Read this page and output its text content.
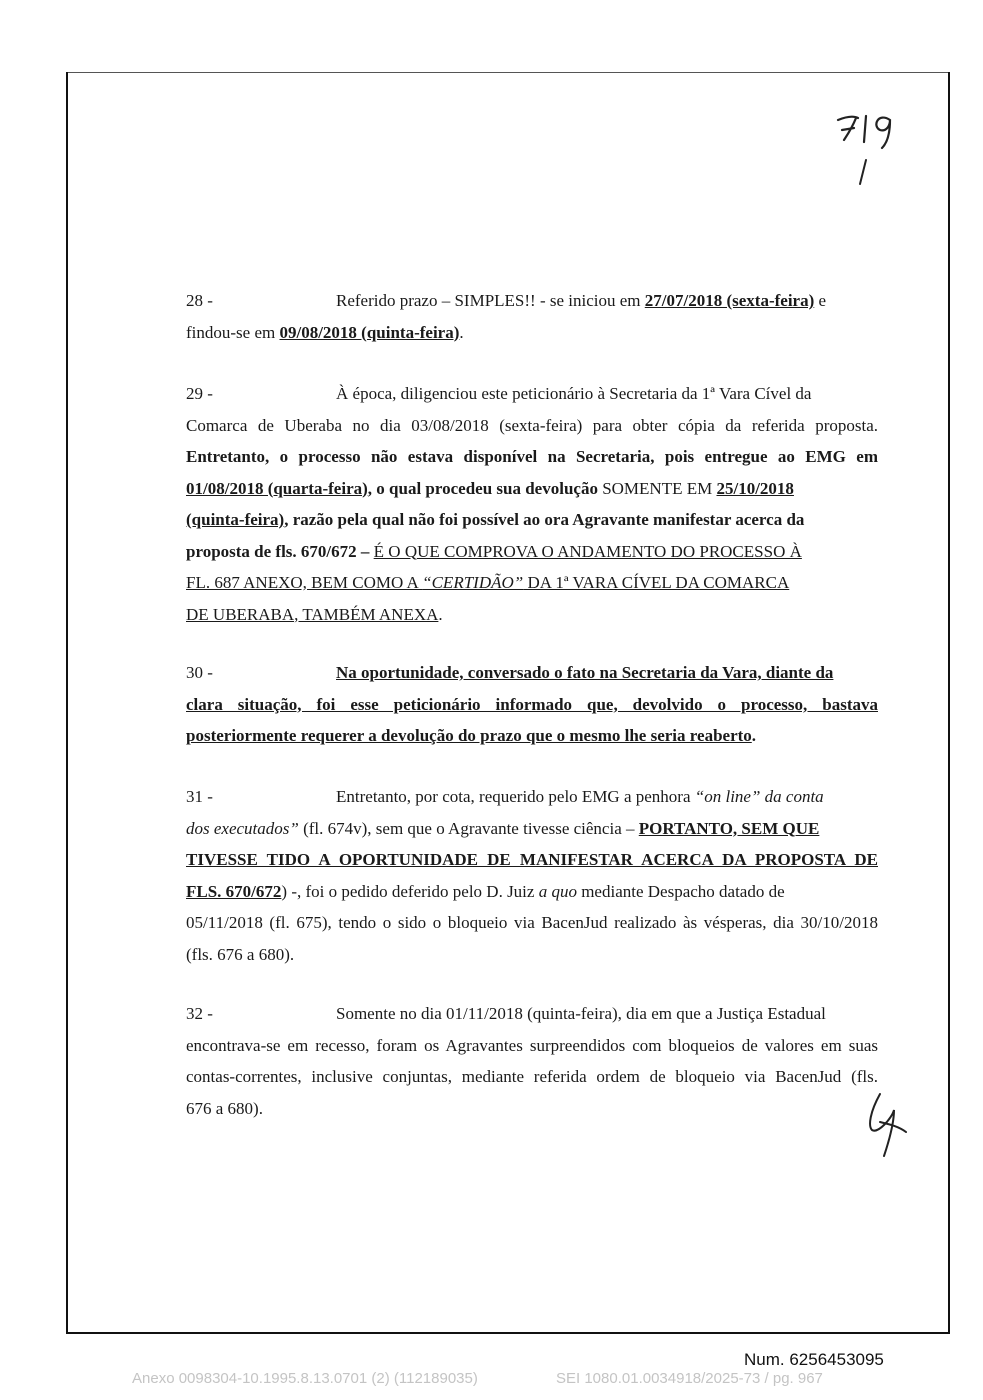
28 -	Referido prazo – SIMPLES!! - se iniciou em 27/07/2018 (sexta-feira) e
findou-se em 09/08/2018 (quinta-feira).
29 -	À época, diligenciou este peticionário à Secretaria da 1ª Vara Cível da
Comarca de Uberaba no dia 03/08/2018 (sexta-feira) para obter cópia da referida proposta.
Entretanto, o processo não estava disponível na Secretaria, pois entregue ao EMG em
01/08/2018 (quarta-feira), o qual procedeu sua devolução SOMENTE EM 25/10/2018
(quinta-feira), razão pela qual não foi possível ao ora Agravante manifestar acerca da
proposta de fls. 670/672 – É O QUE COMPROVA O ANDAMENTO DO PROCESSO À
FL. 687 ANEXO, BEM COMO A “CERTIDÃO” DA 1ª VARA CÍVEL DA COMARCA
DE UBERABA, TAMBÉM ANEXA.
30 -	Na oportunidade, conversado o fato na Secretaria da Vara, diante da
clara situação, foi esse peticionário informado que, devolvido o processo, bastava
posteriormente requerer a devolução do prazo que o mesmo lhe seria reaberto.
31 -	Entretanto, por cota, requerido pelo EMG a penhora “on line” da conta
dos executados” (fl. 674v), sem que o Agravante tivesse ciência – PORTANTO, SEM QUE
TIVESSE TIDO A OPORTUNIDADE DE MANIFESTAR ACERCA DA PROPOSTA DE
FLS. 670/672) -, foi o pedido deferido pelo D. Juiz a quo mediante Despacho datado de
05/11/2018 (fl. 675), tendo o sido o bloqueio via BacenJud realizado às vésperas, dia 30/10/2018
(fls. 676 a 680).
32 -	Somente no dia 01/11/2018 (quinta-feira), dia em que a Justiça Estadual
encontrava-se em recesso, foram os Agravantes surpreendidos com bloqueios de valores em suas
contas-correntes, inclusive conjuntas, mediante referida ordem de bloqueio via BacenJud (fls.
676 a 680).
Num. 6256453095
Anexo 0098304-10.1995.8.13.0701 (2) (112189035)	SEI 1080.01.0034918/2025-73 / pg. 967
